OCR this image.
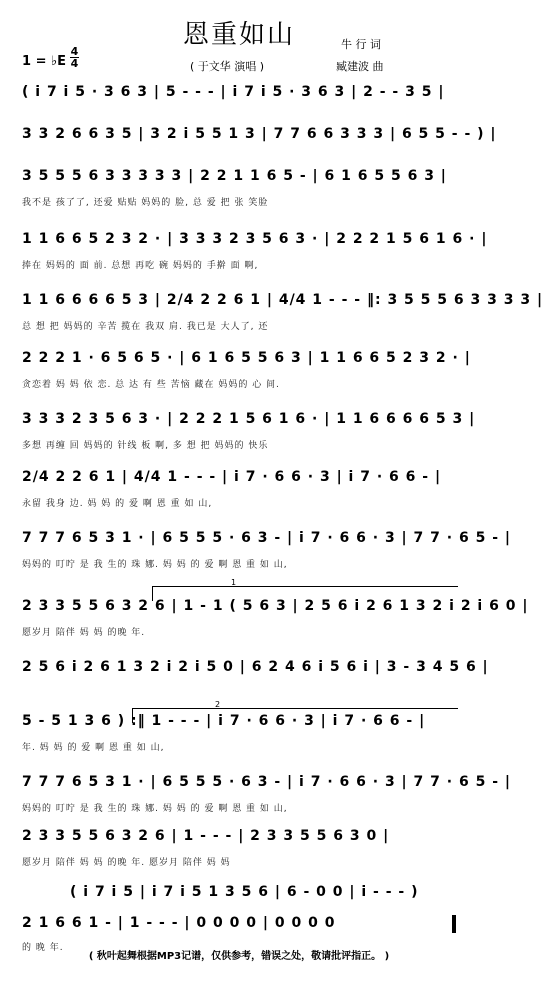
恩重如山	牛 行 词
( 于文华 演唱 )	臧建波 曲
1 = ♭E
4
4
( i 7 i 5 · 3 6 3 | 5 - - - | i 7 i 5 · 3 6 3 | 2 - - 3 5 |
3 3 2 6 6 3 5 | 3 2 i 5 5 1 3 | 7 7 6 6 3 3 3 | 6 5 5 - - ) |
3 5 5 5 6 3 3 3 3 3 | 2 2 1 1 6 5 - | 6 1 6 5 5 6 3 |
我不是 孩了了, 还爱 贴贴 妈妈的 脸, 总 爱 把 张 笑脸
1 1 6 6 5 2 3 2 · | 3 3 3 2 3 5 6 3 · | 2 2 2 1 5 6 1 6 · |
捧在 妈妈的 面 前. 总想 再吃 碗 妈妈的 手擀 面 啊,
1 1 6 6 6 6 5 3 | 2/4 2 2 6 1 | 4/4 1 - - - ‖: 3 5 5 5 6 3 3 3 3 |
总 想 把 妈妈的 辛苦 揽在 我双 肩. 我已是 大人了, 还
2 2 2 1 · 6 5 6 5 · | 6 1 6 5 5 6 3 | 1 1 6 6 5 2 3 2 · |
贪恋着 妈 妈 依 恋. 总 达 有 些 苦恼 藏在 妈妈的 心 间.
3 3 3 2 3 5 6 3 · | 2 2 2 1 5 6 1 6 · | 1 1 6 6 6 6 5 3 |
多想 再缠 回 妈妈的 针线 板 啊, 多 想 把 妈妈的 快乐
2/4 2 2 6 1 | 4/4 1 - - - | i 7 · 6 6 · 3 | i 7 · 6 6 - |
永留 我身 边. 妈 妈 的 爱 啊 恩 重 如 山,
7 7 7 6 5 3 1 · | 6 5 5 5 · 6 3 - | i 7 · 6 6 · 3 | 7 7 · 6 5 - |
妈妈的 叮咛 是 我 生的 珠 娜. 妈 妈 的 爱 啊 恩 重 如 山,
1
2 3 3 5 5 6 3 2 6 | 1 - 1 ( 5 6 3 | 2 5 6 i 2 6 1 3 2 i 2 i 6 0 |
愿岁月 陪伴 妈 妈 的晚 年.
2 5 6 i 2 6 1 3 2 i 2 i 5 0 | 6 2 4 6 i 5 6 i | 3 - 3 4 5 6 |
2
5 - 5 1 3 6 ) :‖ 1 - - - | i 7 · 6 6 · 3 | i 7 · 6 6 - |
年. 妈 妈 的 爱 啊 恩 重 如 山,
7 7 7 6 5 3 1 · | 6 5 5 5 · 6 3 - | i 7 · 6 6 · 3 | 7 7 · 6 5 - |
妈妈的 叮咛 是 我 生的 珠 娜. 妈 妈 的 爱 啊 恩 重 如 山,
2 3 3 5 5 6 3 2 6 | 1 - - - | 2 3 3 5 5 6 3 0 |
愿岁月 陪伴 妈 妈 的晚 年. 愿岁月 陪伴 妈 妈
( i 7 i 5 | i 7 i 5 1 3 5 6 | 6 - 0 0 | i - - - )
2 1 6 6 1 - | 1 - - - | 0 0 0 0 | 0 0 0 0
的 晚 年.
( 秋叶起舞根据MP3记谱，仅供参考，错误之处，敬请批评指正。 )
